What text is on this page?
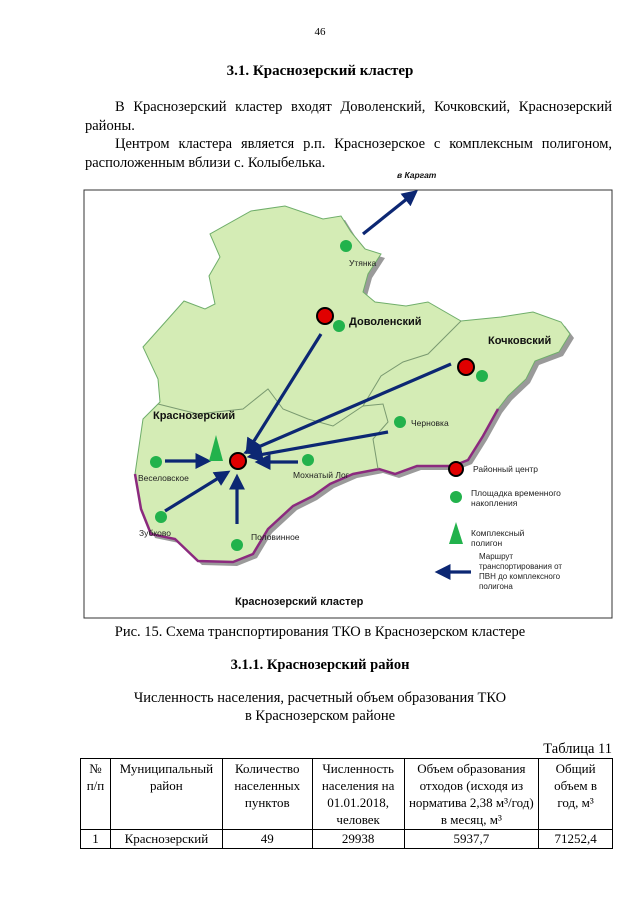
46
3.1. Краснозерский кластер
В Краснозерский кластер входят Доволенский, Кочковский, Краснозерский районы.
Центром кластера является р.п. Краснозерское с комплексным полигоном, расположенным вблизи с. Колыбелька.
в Каргат
Доволенский
Кочковский
Краснозерский
Утянка
Черновка
Веселовское	Мохнатый Лог
Зубково	Половинное
Районный центр
Площадка временного накопления
Комплексный полигон
Маршрут транспортирования от ПВН до комплексного полигона
Краснозерский кластер
Рис. 15. Схема транспортирования ТКО в Краснозерском кластере
3.1.1. Краснозерский район
Численность населения, расчетный объем образования ТКО
в Краснозерском районе
Таблица 11
№ п/п	Муниципальный район	Количество населенных пунктов	Численность населения на 01.01.2018, человек	Объем образования отходов (исходя из норматива 2,38 м³/год) в месяц, м³	Общий объем в год, м³
1	Краснозерский	49	29938	5937,7	71252,4
